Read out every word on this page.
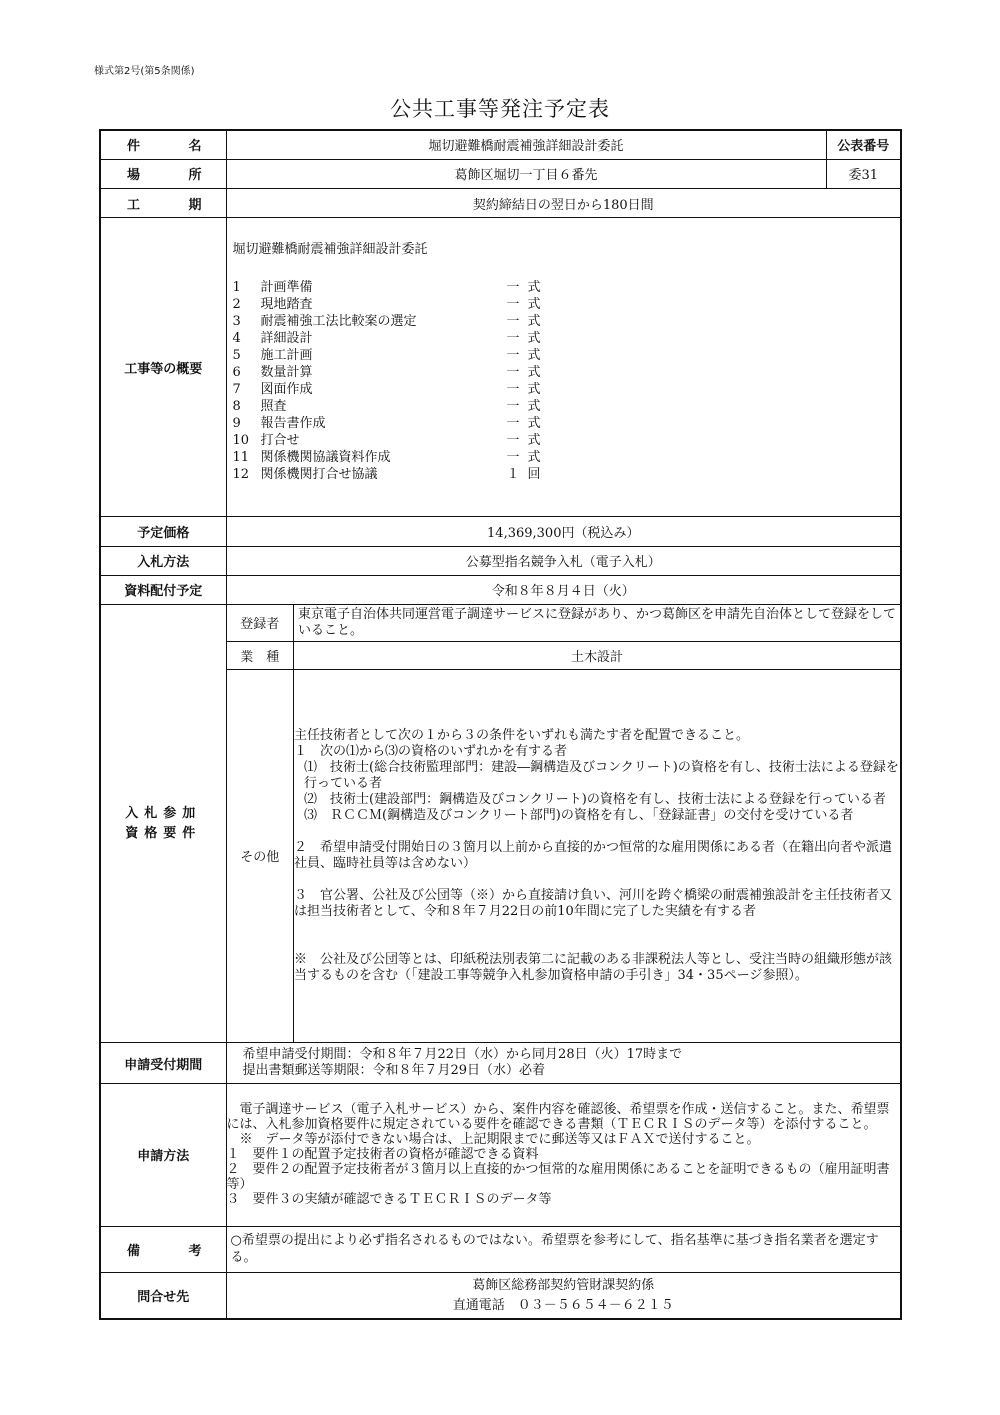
様式第2号(第5条関係)
公共工事等発注予定表
件	名	堀切避難橋耐震補強詳細設計委託	公表番号

場	所	葛飾区堀切一丁目６番先	委31

工	期	契約締結日の翌日から180日間
工事等の概要	
堀切避難橋耐震補強詳細設計委託
1	計画準備	一式
2	現地踏査	一式
3	耐震補強工法比較案の選定	一式
4	詳細設計	一式
5	施工計画	一式
6	数量計算	一式
7	図面作成	一式
8	照査	一式
9	報告書作成	一式
10 打合せ	一式
11 関係機関協議資料作成	一式
12 関係機関打合せ協議	１回

予定価格	14,369,300円（税込み）
入札方法	公募型指名競争入札（電子入札）
資料配付予定	令和８年８月４日（火）

入札参加
資格要件

登録者	東京電子自治体共同運営電子調達サービスに登録があり、かつ葛飾区を申請先自治体として登録をしていること。
業　種	土木設計
その他	

主任技術者として次の１から３の条件をいずれも満たす者を配置できること。

１　次の⑴から⑶の資格のいずれかを有する者

⑴　技術士(総合技術監理部門：建設―鋼構造及びコンクリート)の資格を有し、技術士法による登録を行っている者

⑵　技術士(建設部門：鋼構造及びコンクリート)の資格を有し、技術士法による登録を行っている者

⑶　ＲＣＣＭ(鋼構造及びコンクリート部門)の資格を有し、「登録証書」の交付を受けている者

２　希望申請受付開始日の３箇月以上前から直接的かつ恒常的な雇用関係にある者（在籍出向者や派遣社員、臨時社員等は含めない）

３　官公署、公社及び公団等（※）から直接請け負い、河川を跨ぐ橋梁の耐震補強設計を主任技術者又は担当技術者として、令和８年７月22日の前10年間に完了した実績を有する者

※　公社及び公団等とは、印紙税法別表第二に記載のある非課税法人等とし、受注当時の組織形態が該当するものを含む（「建設工事等競争入札参加資格申請の手引き」34・35ページ参照）。

申請受付期間	
希望申請受付期間：令和８年７月22日（水）から同月28日（火）17時まで
提出書類郵送等期限：令和８年７月29日（水）必着

申請方法	

電子調達サービス（電子入札サービス）から、案件内容を確認後、希望票を作成・送信すること。また、希望票には、入札参加資格要件に規定されている要件を確認できる書類（ＴＥＣＲＩＳのデータ等）を添付すること。

※　データ等が添付できない場合は、上記期限までに郵送等又はＦＡＸで送付すること。

１　要件１の配置予定技術者の資格が確認できる資料

２　要件２の配置予定技術者が３箇月以上直接的かつ恒常的な雇用関係にあることを証明できるもの（雇用証明書等）

３　要件３の実績が確認できるＴＥＣＲＩＳのデータ等

備	考
	○希望票の提出により必ず指名されるものではない。希望票を参考にして、指名基準に基づき指名業者を選定する。
問合せ先	
葛飾区総務部契約管財課契約係
直通電話　０３－５６５４－６２１５
